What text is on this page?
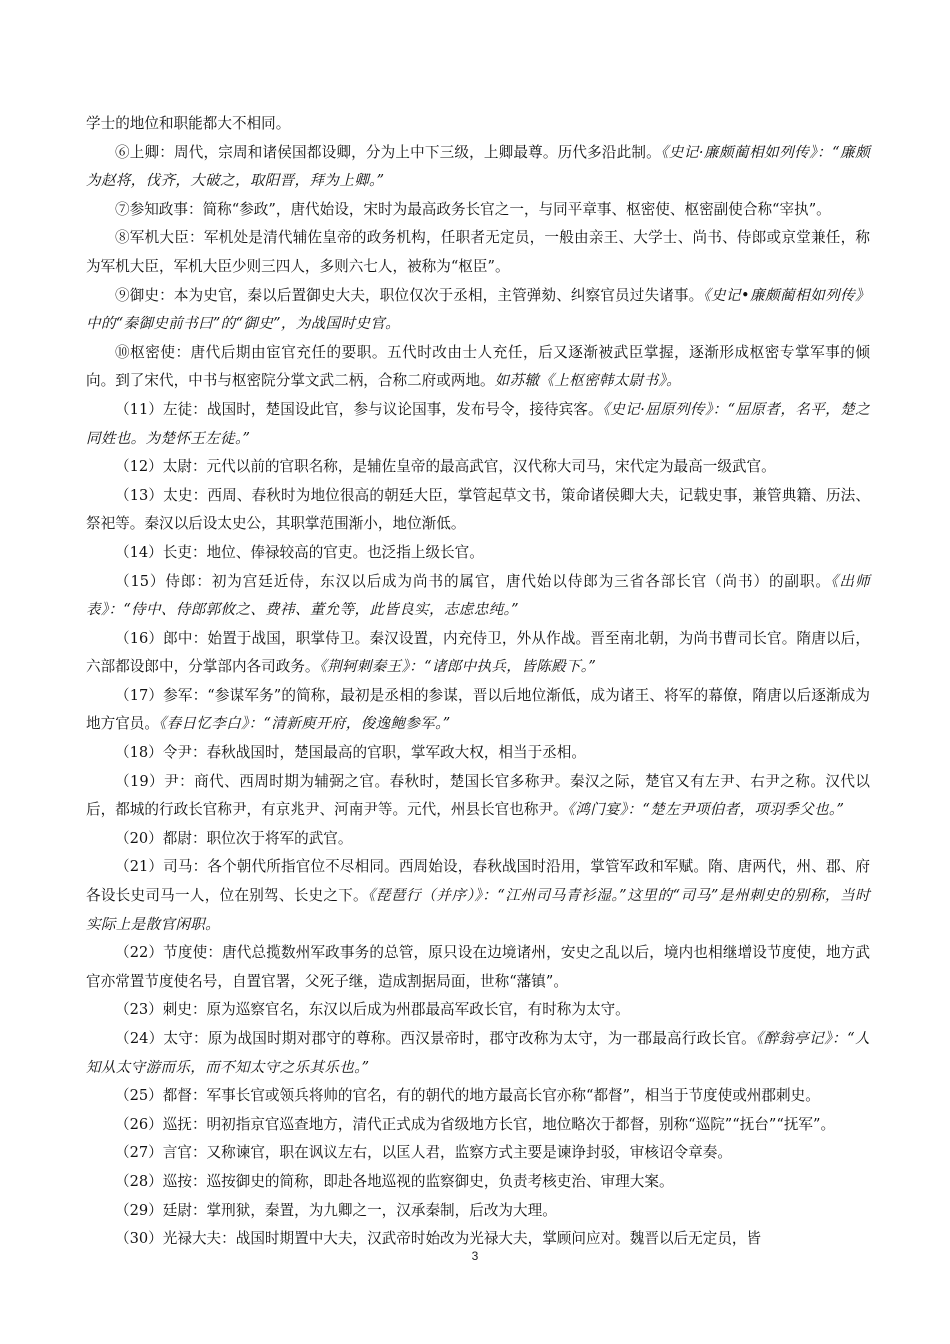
学士的地位和职能都大不相同。

⑥上卿：周代，宗周和诸侯国都设卿，分为上中下三级，上卿最尊。历代多沿此制。《史记·廉颇蔺相如列传》：“廉颇为赵将，伐齐，大破之，取阳晋，拜为上卿。”

⑦参知政事：简称“参政”，唐代始设，宋时为最高政务长官之一，与同平章事、枢密使、枢密副使合称“宰执”。

⑧军机大臣：军机处是清代辅佐皇帝的政务机构，任职者无定员，一般由亲王、大学士、尚书、侍郎或京堂兼任，称为军机大臣，军机大臣少则三四人，多则六七人，被称为“枢臣”。

⑨御史：本为史官，秦以后置御史大夫，职位仅次于丞相，主管弹劾、纠察官员过失诸事。《史记•廉颇蔺相如列传》中的“秦御史前书曰”的“御史”，为战国时史官。

⑩枢密使：唐代后期由宦官充任的要职。五代时改由士人充任，后又逐渐被武臣掌握，逐渐形成枢密专掌军事的倾向。到了宋代，中书与枢密院分掌文武二柄，合称二府或两地。如苏辙《上枢密韩太尉书》。

（11）左徒：战国时，楚国设此官，参与议论国事，发布号令，接待宾客。《史记·屈原列传》：“屈原者，名平，楚之同姓也。为楚怀王左徒。”

（12）太尉：元代以前的官职名称，是辅佐皇帝的最高武官，汉代称大司马，宋代定为最高一级武官。

（13）太史：西周、春秋时为地位很高的朝廷大臣，掌管起草文书，策命诸侯卿大夫，记载史事，兼管典籍、历法、祭祀等。秦汉以后设太史公，其职掌范围渐小，地位渐低。

（14）长吏：地位、俸禄较高的官吏。也泛指上级长官。

（15）侍郎：初为宫廷近侍，东汉以后成为尚书的属官，唐代始以侍郎为三省各部长官（尚书）的副职。《出师表》：“侍中、侍郎郭攸之、费祎、董允等，此皆良实，志虑忠纯。”

（16）郎中：始置于战国，职掌侍卫。秦汉设置，内充侍卫，外从作战。晋至南北朝，为尚书曹司长官。隋唐以后，六部都设郎中，分掌部内各司政务。《荆轲刺秦王》：“诸郎中执兵，皆陈殿下。”

（17）参军：“参谋军务”的简称，最初是丞相的参谋，晋以后地位渐低，成为诸王、将军的幕僚，隋唐以后逐渐成为地方官员。《春日忆李白》：“清新庾开府，俊逸鲍参军。”

（18）令尹：春秋战国时，楚国最高的官职，掌军政大权，相当于丞相。

（19）尹：商代、西周时期为辅弼之官。春秋时，楚国长官多称尹。秦汉之际，楚官又有左尹、右尹之称。汉代以后，都城的行政长官称尹，有京兆尹、河南尹等。元代，州县长官也称尹。《鸿门宴》：“楚左尹项伯者，项羽季父也。”

（20）都尉：职位次于将军的武官。

（21）司马：各个朝代所指官位不尽相同。西周始设，春秋战国时沿用，掌管军政和军赋。隋、唐两代，州、郡、府各设长史司马一人，位在别驾、长史之下。《琵琶行（并序）》：“江州司马青衫湿。”这里的“司马”是州刺史的别称，当时实际上是散官闲职。

（22）节度使：唐代总揽数州军政事务的总管，原只设在边境诸州，安史之乱以后，境内也相继增设节度使，地方武官亦常置节度使名号，自置官署，父死子继，造成割据局面，世称“藩镇”。

（23）刺史：原为巡察官名，东汉以后成为州郡最高军政长官，有时称为太守。

（24）太守：原为战国时期对郡守的尊称。西汉景帝时，郡守改称为太守，为一郡最高行政长官。《醉翁亭记》：“人知从太守游而乐，而不知太守之乐其乐也。”

（25）都督：军事长官或领兵将帅的官名，有的朝代的地方最高长官亦称“都督”，相当于节度使或州郡刺史。

（26）巡抚：明初指京官巡查地方，清代正式成为省级地方长官，地位略次于都督，别称“巡院”“抚台”“抚军”。

（27）言官：又称谏官，职在讽议左右，以匡人君，监察方式主要是谏诤封驳，审核诏令章奏。

（28）巡按：巡按御史的简称，即赴各地巡视的监察御史，负责考核吏治、审理大案。

（29）廷尉：掌刑狱，秦置，为九卿之一，汉承秦制，后改为大理。

（30）光禄大夫：战国时期置中大夫，汉武帝时始改为光禄大夫，掌顾问应对。魏晋以后无定员，皆

3
